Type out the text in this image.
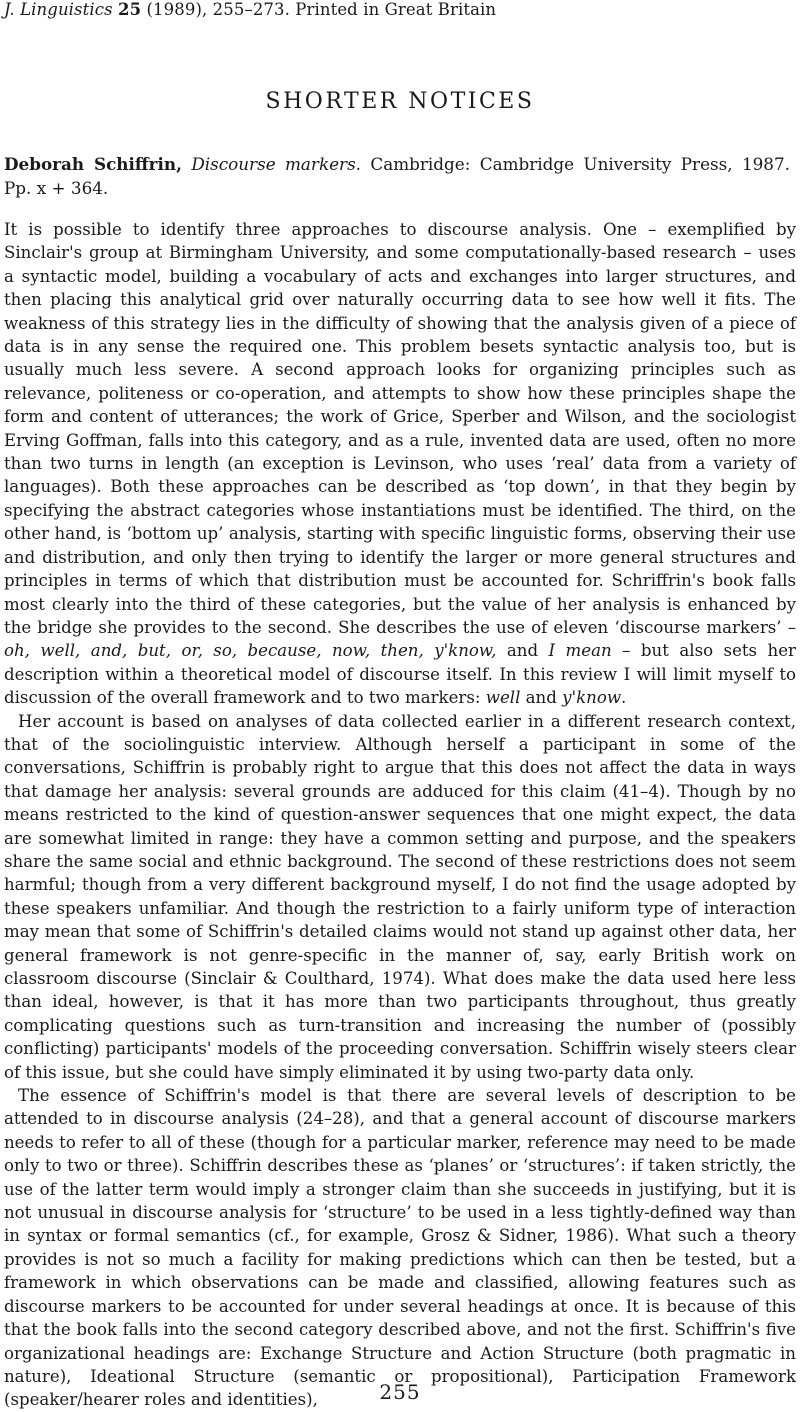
J. Linguistics 25 (1989), 255–273. Printed in Great Britain
SHORTER NOTICES
Deborah Schiffrin, Discourse markers. Cambridge: Cambridge University Press, 1987. Pp. x + 364.

It is possible to identify three approaches to discourse analysis. One – exemplified by Sinclair's group at Birmingham University, and some computationally-based research – uses a syntactic model, building a vocabulary of acts and exchanges into larger structures, and then placing this analytical grid over naturally occurring data to see how well it fits. The weakness of this strategy lies in the difficulty of showing that the analysis given of a piece of data is in any sense the required one. This problem besets syntactic analysis too, but is usually much less severe. A second approach looks for organizing principles such as relevance, politeness or co-operation, and attempts to show how these principles shape the form and content of utterances; the work of Grice, Sperber and Wilson, and the sociologist Erving Goffman, falls into this category, and as a rule, invented data are used, often no more than two turns in length (an exception is Levinson, who uses ‘real’ data from a variety of languages). Both these approaches can be described as ‘top down’, in that they begin by specifying the abstract categories whose instantiations must be identified. The third, on the other hand, is ‘bottom up’ analysis, starting with specific linguistic forms, observing their use and distribution, and only then trying to identify the larger or more general structures and principles in terms of which that distribution must be accounted for. Schriffrin's book falls most clearly into the third of these categories, but the value of her analysis is enhanced by the bridge she provides to the second. She describes the use of eleven ‘discourse markers’ – oh, well, and, but, or, so, because, now, then, y'know, and I mean – but also sets her description within a theoretical model of discourse itself. In this review I will limit myself to discussion of the overall framework and to two markers: well and y'know.

Her account is based on analyses of data collected earlier in a different research context, that of the sociolinguistic interview. Although herself a participant in some of the conversations, Schiffrin is probably right to argue that this does not affect the data in ways that damage her analysis: several grounds are adduced for this claim (41–4). Though by no means restricted to the kind of question-answer sequences that one might expect, the data are somewhat limited in range: they have a common setting and purpose, and the speakers share the same social and ethnic background. The second of these restrictions does not seem harmful; though from a very different background myself, I do not find the usage adopted by these speakers unfamiliar. And though the restriction to a fairly uniform type of interaction may mean that some of Schiffrin's detailed claims would not stand up against other data, her general framework is not genre-specific in the manner of, say, early British work on classroom discourse (Sinclair & Coulthard, 1974). What does make the data used here less than ideal, however, is that it has more than two participants throughout, thus greatly complicating questions such as turn-transition and increasing the number of (possibly conflicting) participants' models of the proceeding conversation. Schiffrin wisely steers clear of this issue, but she could have simply eliminated it by using two-party data only.

The essence of Schiffrin's model is that there are several levels of description to be attended to in discourse analysis (24–28), and that a general account of discourse markers needs to refer to all of these (though for a particular marker, reference may need to be made only to two or three). Schiffrin describes these as ‘planes’ or ‘structures’: if taken strictly, the use of the latter term would imply a stronger claim than she succeeds in justifying, but it is not unusual in discourse analysis for ‘structure’ to be used in a less tightly-defined way than in syntax or formal semantics (cf., for example, Grosz & Sidner, 1986). What such a theory provides is not so much a facility for making predictions which can then be tested, but a framework in which observations can be made and classified, allowing features such as discourse markers to be accounted for under several headings at once. It is because of this that the book falls into the second category described above, and not the first. Schiffrin's five organizational headings are: Exchange Structure and Action Structure (both pragmatic in nature), Ideational Structure (semantic or propositional), Participation Framework (speaker/hearer roles and identities),	255
